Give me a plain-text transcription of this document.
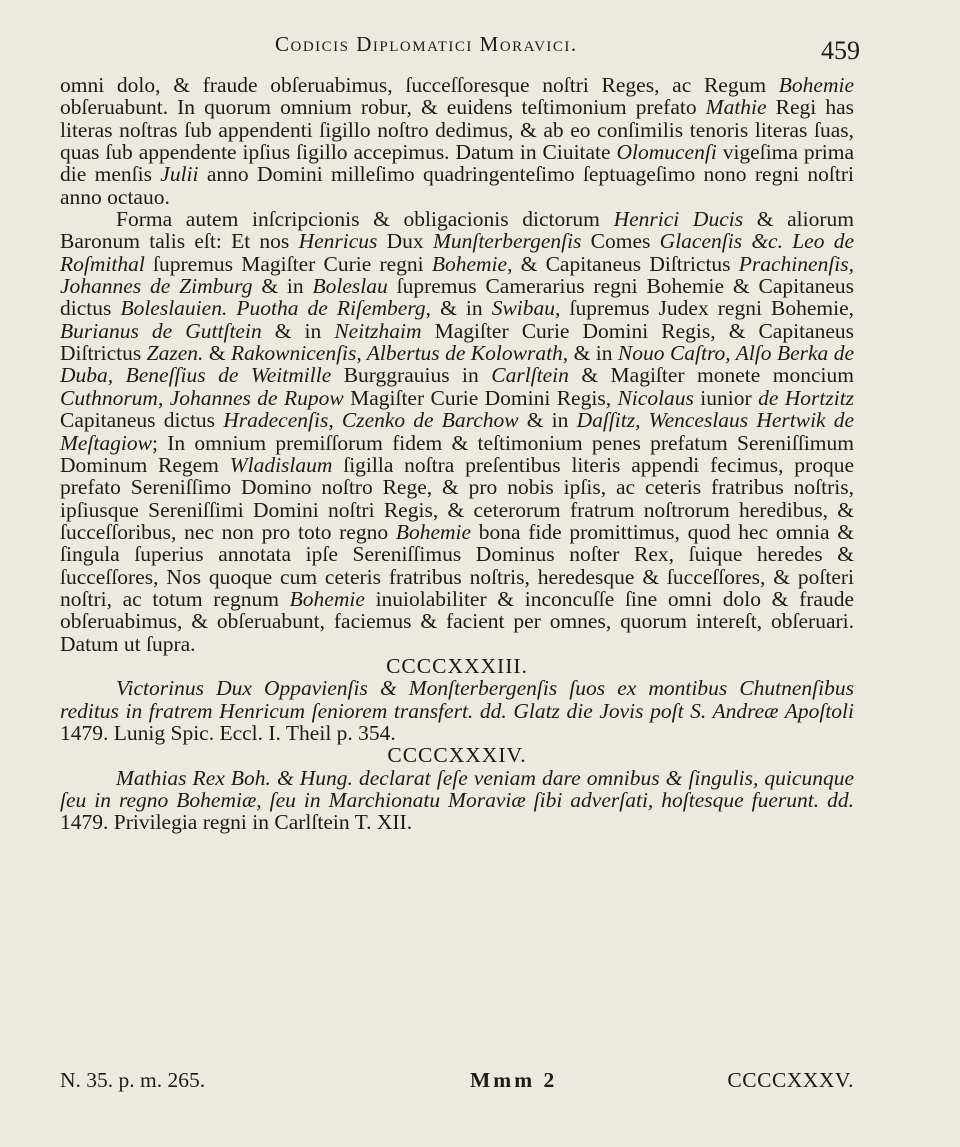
Codicis Diplomatici Moravici.	459

omni dolo, & fraude obſeruabimus, ſucceſſoresque noſtri Reges, ac Regum Bohemie obſeruabunt. In quorum omnium robur, & euidens teſtimonium prefato Mathie Regi has literas noſtras ſub appendenti ſigillo noſtro dedimus, & ab eo conſimilis tenoris literas ſuas, quas ſub appendente ipſius ſigillo accepimus. Datum in Ciuitate Olomucenſi vigeſima prima die menſis Julii anno Domini milleſimo quadringenteſimo ſeptuageſimo nono regni noſtri anno octauo.

Forma autem inſcripcionis & obligacionis dictorum Henrici Ducis & aliorum Baronum talis eſt: Et nos Henricus Dux Munſterbergenſis Comes Glacenſis &c. Leo de Roſmithal ſupremus Magiſter Curie regni Bohemie, & Capitaneus Diſtrictus Prachinenſis, Johannes de Zimburg & in Boleslau ſupremus Camerarius regni Bohemie & Capitaneus dictus Boleslauien. Puotha de Riſemberg, & in Swibau, ſupremus Judex regni Bohemie, Burianus de Guttſtein & in Neitzhaim Magiſter Curie Domini Regis, & Capitaneus Diſtrictus Zazen. & Rakownicenſis, Albertus de Kolowrath, & in Nouo Caſtro, Alſo Berka de Duba, Beneſſius de Weitmille Burggrauius in Carlſtein & Magiſter monete moncium Cuthnorum, Johannes de Rupow Magiſter Curie Domini Regis, Nicolaus iunior de Hortzitz Capitaneus dictus Hradecenſis, Czenko de Barchow & in Daſſitz, Wenceslaus Hertwik de Meſtagiow; In omnium premiſſorum fidem & teſtimonium penes prefatum Sereniſſimum Dominum Regem Wladislaum ſigilla noſtra preſentibus literis appendi fecimus, proque prefato Sereniſſimo Domino noſtro Rege, & pro nobis ipſis, ac ceteris fratribus noſtris, ipſiusque Sereniſſimi Domini noſtri Regis, & ceterorum fratrum noſtrorum heredibus, & ſucceſſoribus, nec non pro toto regno Bohemie bona fide promittimus, quod hec omnia & ſingula ſuperius annotata ipſe Sereniſſimus Dominus noſter Rex, ſuique heredes & ſucceſſores, Nos quoque cum ceteris fratribus noſtris, heredesque & ſucceſſores, & poſteri noſtri, ac totum regnum Bohemie inuiolabiliter & inconcuſſe ſine omni dolo & fraude obſeruabimus, & obſeruabunt, faciemus & facient per omnes, quorum intereſt, obſeruari. Datum ut ſupra.

CCCCXXXIII.

Victorinus Dux Oppavienſis & Monſterbergenſis ſuos ex montibus Chutnenſibus reditus in fratrem Henricum ſeniorem transfert. dd. Glatz die Jovis poſt S. Andreæ Apoſtoli 1479. Lunig Spic. Eccl. I. Theil p. 354.

CCCCXXXIV.

Mathias Rex Boh. & Hung. declarat ſeſe veniam dare omnibus & ſingulis, quicunque ſeu in regno Bohemiæ, ſeu in Marchionatu Moraviæ ſibi adverſati, hoſtesque fuerunt. dd. 1479. Privilegia regni in Carlſtein T. XII.

N. 35. p. m. 265.	Mmm 2	CCCCXXXV.
